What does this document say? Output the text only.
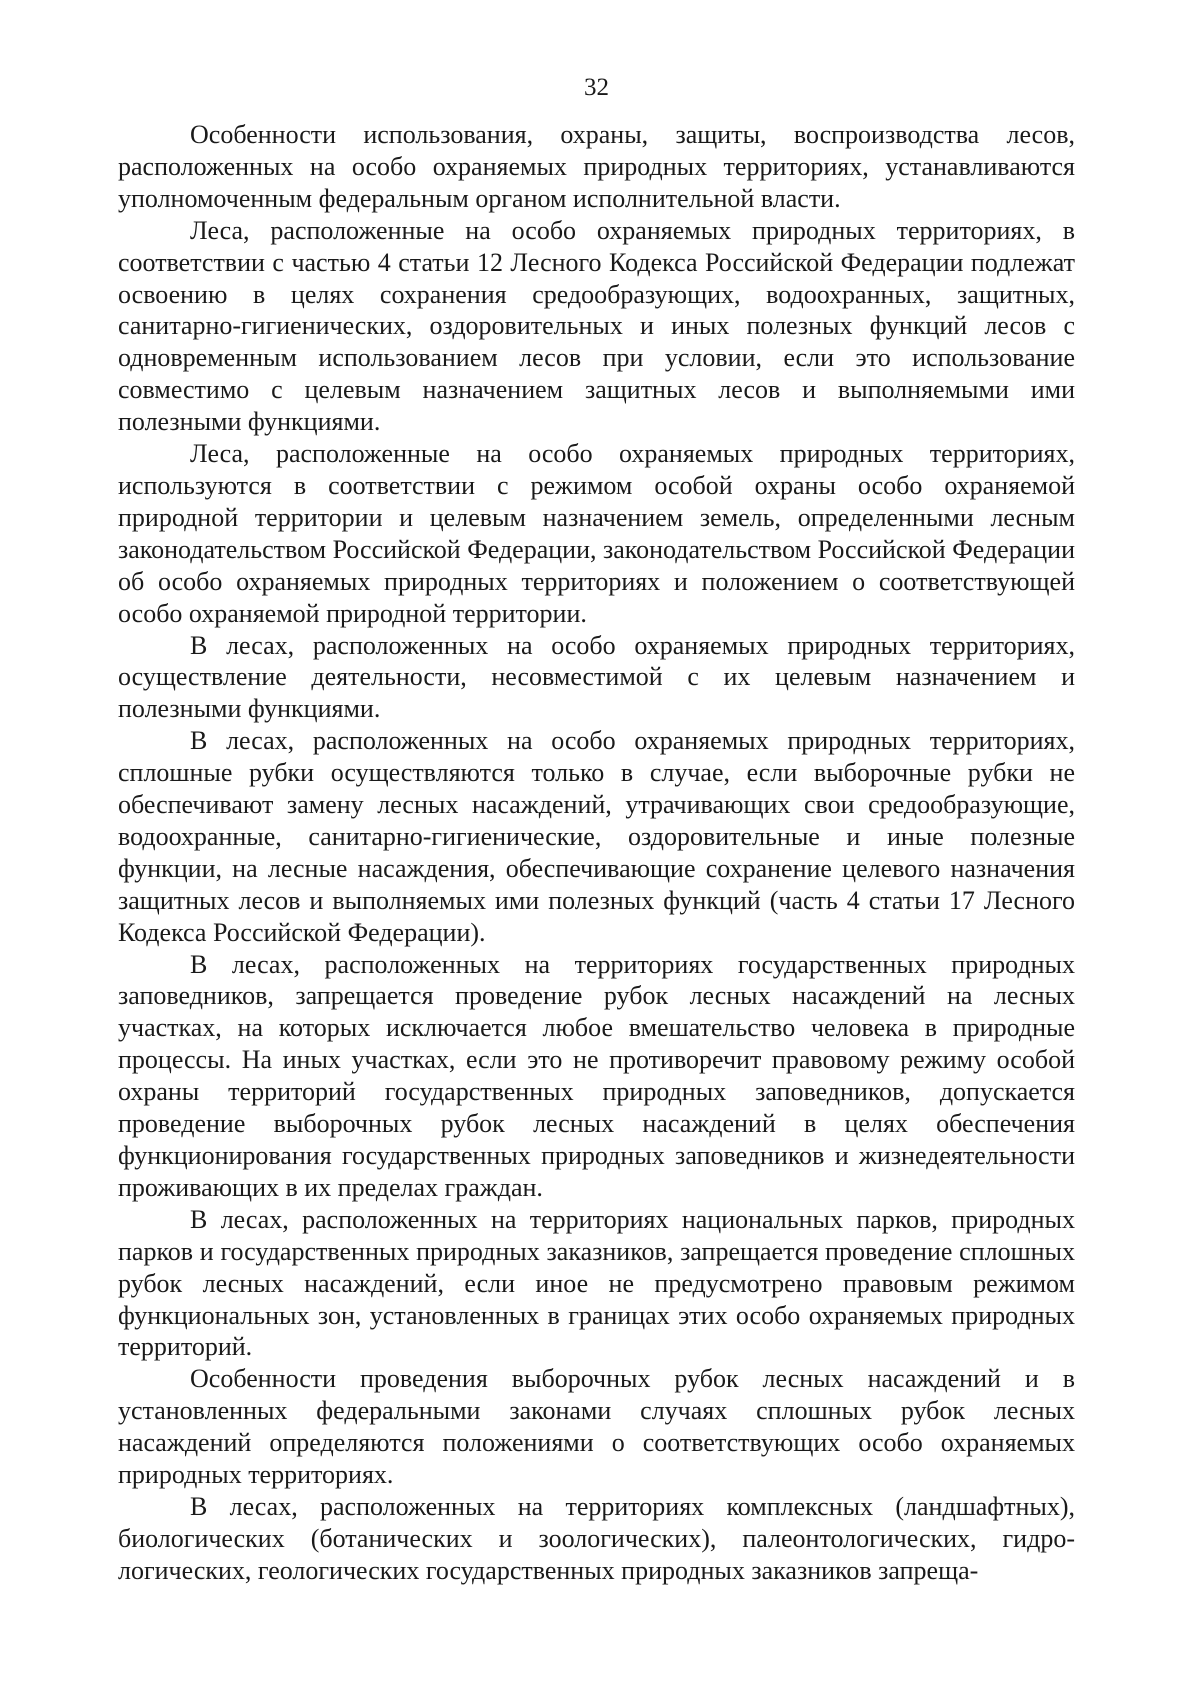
32

Особенности использования, охраны, защиты, воспроизводства лесов, расположенных на особо охраняемых природных территориях, устанавливаются уполномоченным федеральным органом исполнительной власти.

Леса, расположенные на особо охраняемых природных территориях, в соответствии с частью 4 статьи 12 Лесного Кодекса Российской Федерации подлежат освоению в целях сохранения средообразующих, водоохранных, защитных, санитарно-гигиенических, оздоровительных и иных полезных функций лесов с одновременным использованием лесов при условии, если это использование совместимо с целевым назначением защитных лесов и выполняемыми ими полезными функциями.

Леса, расположенные на особо охраняемых природных территориях, используются в соответствии с режимом особой охраны особо охраняемой природной территории и целевым назначением земель, определенными лесным законодательством Российской Федерации, законодательством Российской Федерации об особо охраняемых природных территориях и положением о соответствующей особо охраняемой природной территории.

В лесах, расположенных на особо охраняемых природных территориях, осуществление деятельности, несовместимой с их целевым назначением и полезными функциями.

В лесах, расположенных на особо охраняемых природных территориях, сплошные рубки осуществляются только в случае, если выборочные рубки не обеспечивают замену лесных насаждений, утрачивающих свои средообразующие, водоохранные, санитарно-гигиенические, оздоровительные и иные полезные функции, на лесные насаждения, обеспечивающие сохранение целевого назначения защитных лесов и выполняемых ими полезных функций (часть 4 статьи 17 Лесного Кодекса Российской Федерации).

В лесах, расположенных на территориях государственных природных заповедников, запрещается проведение рубок лесных насаждений на лесных участках, на которых исключается любое вмешательство человека в природные процессы. На иных участках, если это не противоречит правовому режиму особой охраны территорий государственных природных заповедников, допускается проведение выборочных рубок лесных насаждений в целях обеспечения функционирования государственных природных заповедников и жизнедеятельности проживающих в их пределах граждан.

В лесах, расположенных на территориях национальных парков, природных парков и государственных природных заказников, запрещается проведение сплошных рубок лесных насаждений, если иное не предусмотрено правовым режимом функциональных зон, установленных в границах этих особо охраняемых природных территорий.

Особенности проведения выборочных рубок лесных насаждений и в установленных федеральными законами случаях сплошных рубок лесных насаждений определяются положениями о соответствующих особо охраняемых природных территориях.

В лесах, расположенных на территориях комплексных (ландшафтных), биологических (ботанических и зоологических), палеонтологических, гидрологических, геологических государственных природных заказников запреща-
